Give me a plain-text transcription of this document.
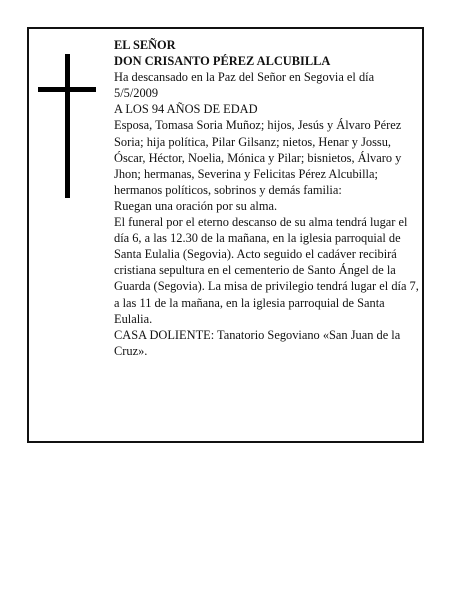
EL SEÑOR

DON CRISANTO PÉREZ ALCUBILLA

Ha descansado en la Paz del Señor en Segovia el día 5/5/2009

A LOS 94 AÑOS DE EDAD

Esposa, Tomasa Soria Muñoz; hijos, Jesús y Álvaro Pérez Soria; hija política, Pilar Gilsanz; nietos, Henar y Jossu, Óscar, Héctor, Noelia, Mónica y Pilar; bisnietos, Álvaro y Jhon; hermanas, Severina y Felicitas Pérez Alcubilla; hermanos políticos, sobrinos y demás familia:

Ruegan una oración por su alma.

El funeral por el eterno descanso de su alma tendrá lugar el día 6, a las 12.30 de la mañana, en la iglesia parroquial de Santa Eulalia (Segovia). Acto seguido el cadáver recibirá cristiana sepultura en el cementerio de Santo Ángel de la Guarda (Segovia). La misa de privilegio tendrá lugar el día 7, a las 11 de la mañana, en la iglesia parroquial de Santa Eulalia.

CASA DOLIENTE: Tanatorio Segoviano «San Juan de la Cruz».
